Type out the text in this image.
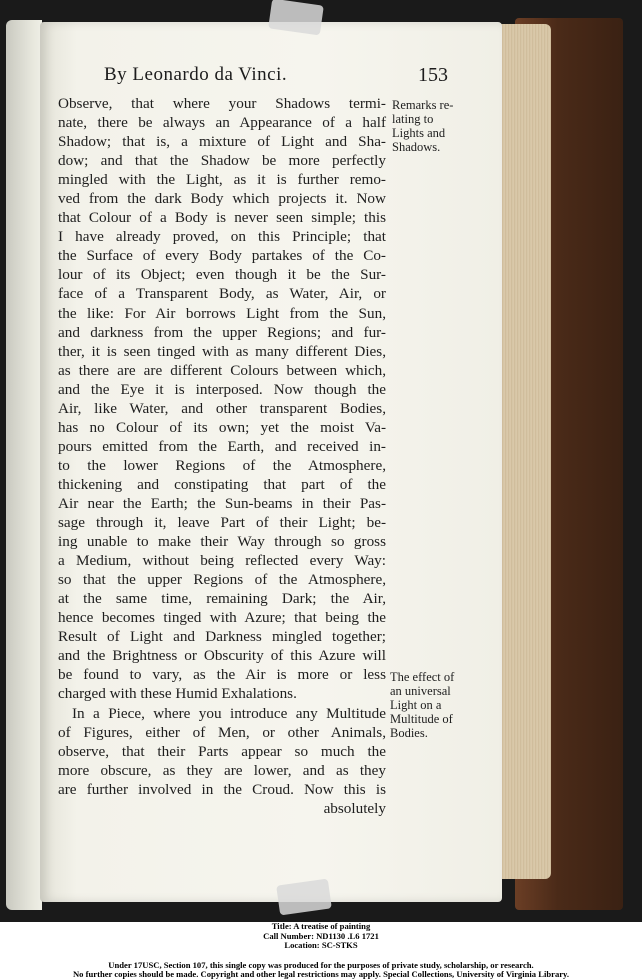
By Leonardo da Vinci.	153
Observe, that where your Shadows termi-
nate, there be always an Appearance of a half
Shadow; that is, a mixture of Light and Sha-
dow; and that the Shadow be more perfectly
mingled with the Light, as it is further remo-
ved from the dark Body which projects it. Now
that Colour of a Body is never seen simple; this
I have already proved, on this Principle; that
the Surface of every Body partakes of the Co-
lour of its Object; even though it be the Sur-
face of a Transparent Body, as Water, Air, or
the like: For Air borrows Light from the Sun,
and darkness from the upper Regions; and fur-
ther, it is seen tinged with as many different Dies,
as there are are different Colours between which,
and the Eye it is interposed. Now though the
Air, like Water, and other transparent Bodies,
has no Colour of its own; yet the moist Va-
pours emitted from the Earth, and received in-
to the lower Regions of the Atmosphere,
thickening and constipating that part of the
Air near the Earth; the Sun-beams in their Pas-
sage through it, leave Part of their Light; be-
ing unable to make their Way through so gross
a Medium, without being reflected every Way:
so that the upper Regions of the Atmosphere,
at the same time, remaining Dark; the Air,
hence becomes tinged with Azure; that being the
Result of Light and Darkness mingled together;
and the Brightness or Obscurity of this Azure will
be found to vary, as the Air is more or less
charged with these Humid Exhalations.
In a Piece, where you introduce any Multitude
of Figures, either of Men, or other Animals,
observe, that their Parts appear so much the
more obscure, as they are lower, and as they
are further involved in the Croud. Now this is
absolutely
Remarks re-
lating to
Lights and
Shadows.
The effect of
an universal
Light on a
Multitude of
Bodies.
Title: A treatise of painting
Call Number: ND1130 .L6 1721
Location: SC-STKS
Under 17USC, Section 107, this single copy was produced for the purposes of private study, scholarship, or research.
No further copies should be made. Copyright and other legal restrictions may apply. Special Collections, University of Virginia Library.
